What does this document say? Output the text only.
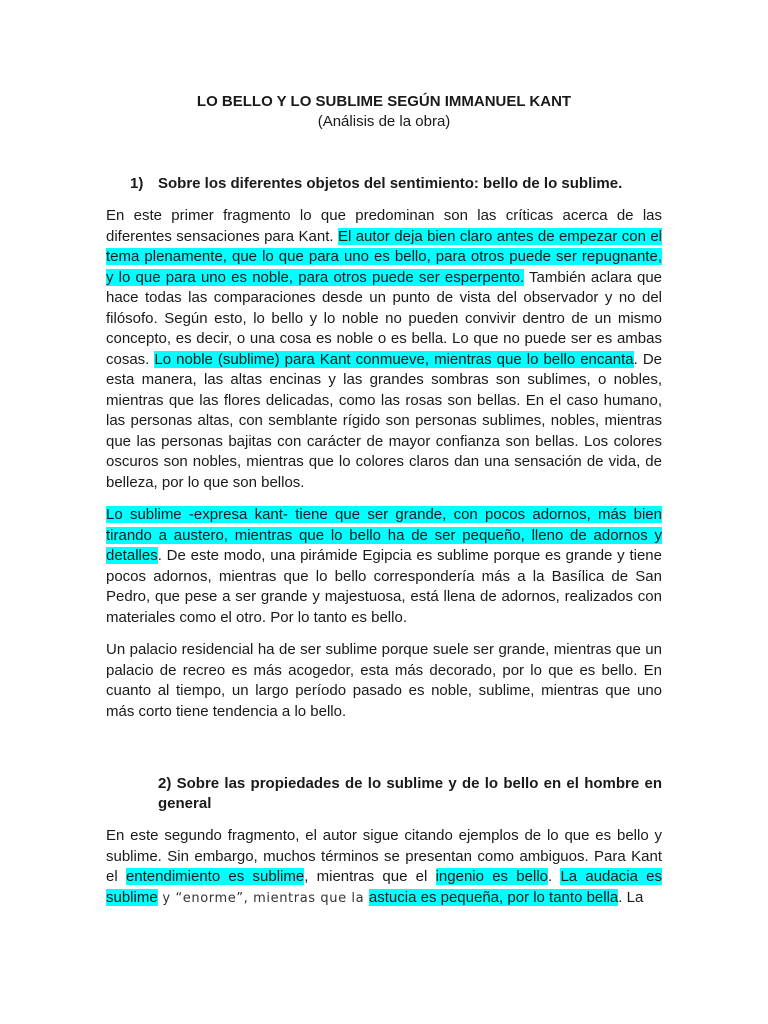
LO BELLO Y LO SUBLIME SEGÚN IMMANUEL KANT
(Análisis de la obra)
1) Sobre los diferentes objetos del sentimiento: bello de lo sublime.

En este primer fragmento lo que predominan son las críticas acerca de las diferentes sensaciones para Kant. El autor deja bien claro antes de empezar con el tema plenamente, que lo que para uno es bello, para otros puede ser repugnante, y lo que para uno es noble, para otros puede ser esperpento. También aclara que hace todas las comparaciones desde un punto de vista del observador y no del filósofo. Según esto, lo bello y lo noble no pueden convivir dentro de un mismo concepto, es decir, o una cosa es noble o es bella. Lo que no puede ser es ambas cosas. Lo noble (sublime) para Kant conmueve, mientras que lo bello encanta. De esta manera, las altas encinas y las grandes sombras son sublimes, o nobles, mientras que las flores delicadas, como las rosas son bellas. En el caso humano, las personas altas, con semblante rígido son personas sublimes, nobles, mientras que las personas bajitas con carácter de mayor confianza son bellas. Los colores oscuros son nobles, mientras que lo colores claros dan una sensación de vida, de belleza, por lo que son bellos.

Lo sublime -expresa kant- tiene que ser grande, con pocos adornos, más bien tirando a austero, mientras que lo bello ha de ser pequeño, lleno de adornos y detalles. De este modo, una pirámide Egipcia es sublime porque es grande y tiene pocos adornos, mientras que lo bello correspondería más a la Basílica de San Pedro, que pese a ser grande y majestuosa, está llena de adornos, realizados con materiales como el otro. Por lo tanto es bello.

Un palacio residencial ha de ser sublime porque suele ser grande, mientras que un palacio de recreo es más acogedor, esta más decorado, por lo que es bello. En cuanto al tiempo, un largo período pasado es noble, sublime, mientras que uno más corto tiene tendencia a lo bello.

2) Sobre las propiedades de lo sublime y de lo bello en el hombre en general

En este segundo fragmento, el autor sigue citando ejemplos de lo que es bello y sublime. Sin embargo, muchos términos se presentan como ambiguos. Para Kant el entendimiento es sublime, mientras que el ingenio es bello. La audacia es sublime y “enorme”, mientras que la astucia es pequeña, por lo tanto bella. La
